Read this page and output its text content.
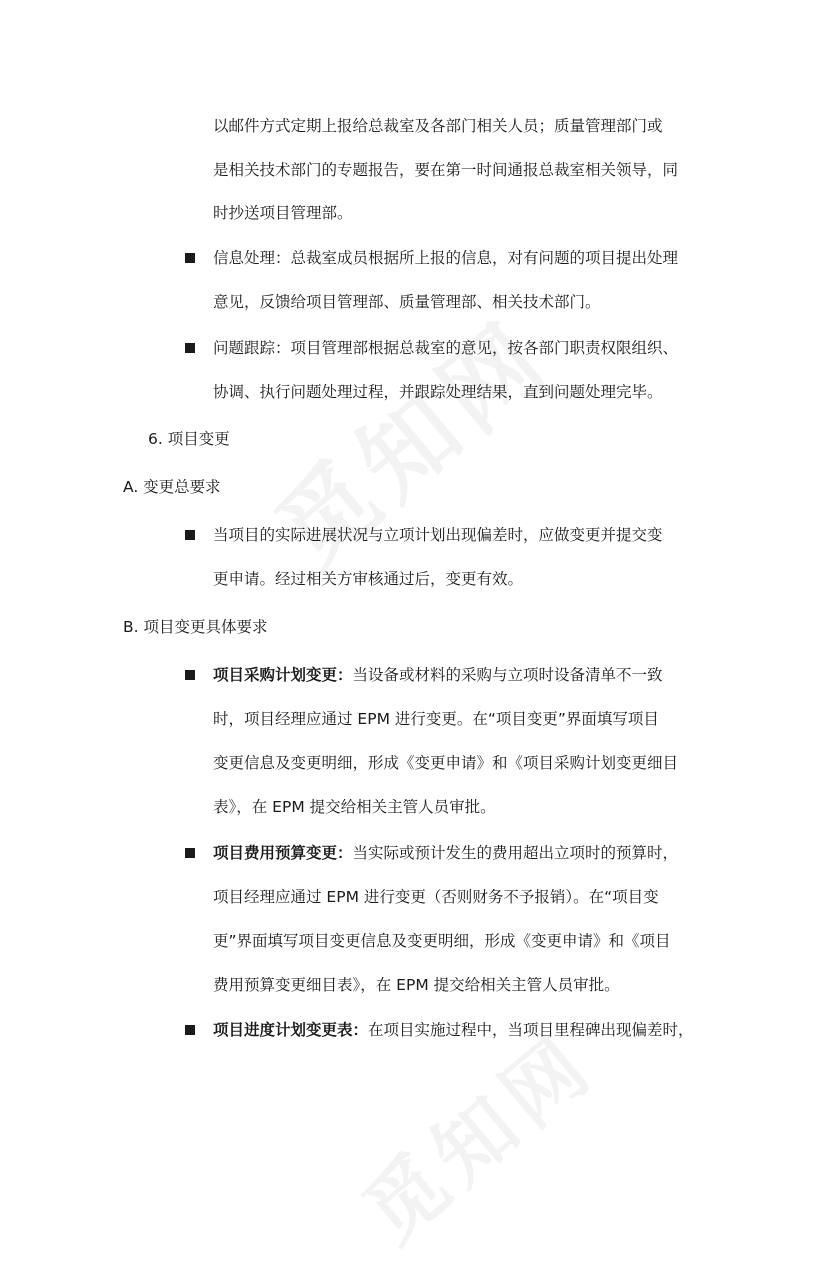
以邮件方式定期上报给总裁室及各部门相关人员；质量管理部门或
是相关技术部门的专题报告，要在第一时间通报总裁室相关领导，同
时抄送项目管理部。
信息处理：总裁室成员根据所上报的信息，对有问题的项目提出处理
意见，反馈给项目管理部、质量管理部、相关技术部门。
问题跟踪：项目管理部根据总裁室的意见，按各部门职责权限组织、
协调、执行问题处理过程，并跟踪处理结果，直到问题处理完毕。
6. 项目变更
A. 变更总要求
当项目的实际进展状况与立项计划出现偏差时，应做变更并提交变
更申请。经过相关方审核通过后，变更有效。
B. 项目变更具体要求
项目采购计划变更：当设备或材料的采购与立项时设备清单不一致
时，项目经理应通过 EPM 进行变更。在“项目变更”界面填写项目
变更信息及变更明细，形成《变更申请》和《项目采购计划变更细目
表》，在 EPM 提交给相关主管人员审批。
项目费用预算变更：当实际或预计发生的费用超出立项时的预算时，
项目经理应通过 EPM 进行变更（否则财务不予报销）。在“项目变
更”界面填写项目变更信息及变更明细，形成《变更申请》和《项目
费用预算变更细目表》，在 EPM 提交给相关主管人员审批。
项目进度计划变更表：在项目实施过程中，当项目里程碑出现偏差时，
